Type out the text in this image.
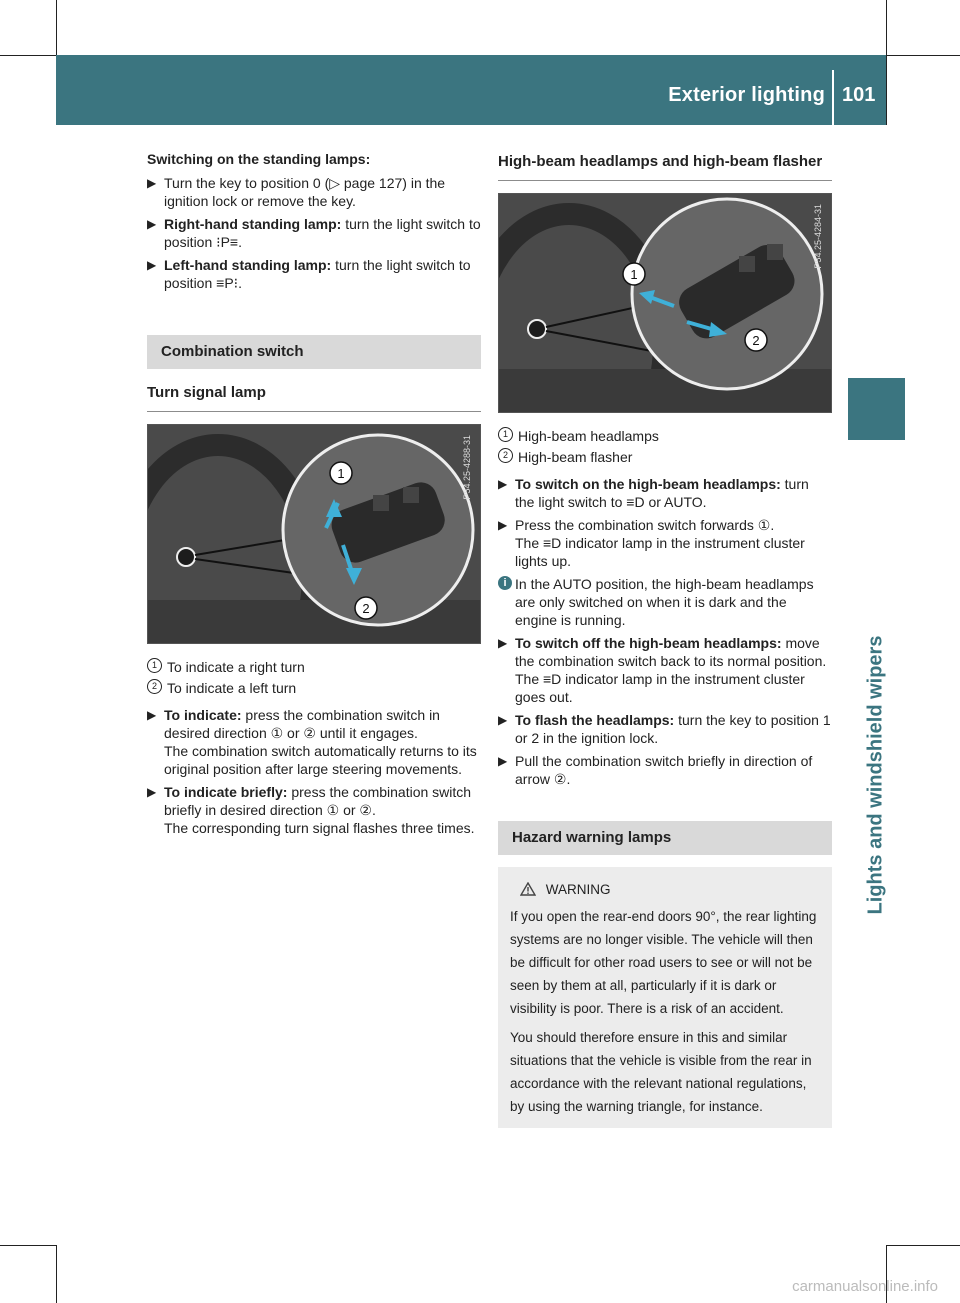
Exterior lighting 101
Lights and windshield wipers

Switching on the standing lamps:

▶ Turn the key to position 0 (▷ page 127) in the ignition lock or remove the key.
▶ Right-hand standing lamp: turn the light switch to position ⁝P≡.
▶ Left-hand standing lamp: turn the light switch to position ≡P⁝.

Combination switch

Turn signal lamp

1
2
P54.25-4288-31
1 To indicate a right turn
2 To indicate a left turn
▶ To indicate: press the combination switch in desired direction ① or ② until it engages.
The combination switch automatically returns to its original position after large steering movements.
▶ To indicate briefly: press the combination switch briefly in desired direction ① or ②.
The corresponding turn signal flashes three times.

High-beam headlamps and high-beam flasher

1
2
P54.25-4284-31
1 High-beam headlamps
2 High-beam flasher
▶ To switch on the high-beam headlamps: turn the light switch to ≡D or AUTO.
▶ Press the combination switch forwards ①.
The ≡D indicator lamp in the instrument cluster lights up.
i In the AUTO position, the high-beam headlamps are only switched on when it is dark and the engine is running.
▶ To switch off the high-beam headlamps: move the combination switch back to its normal position.
The ≡D indicator lamp in the instrument cluster goes out.
▶ To flash the headlamps: turn the key to position 1 or 2 in the ignition lock.
▶ Pull the combination switch briefly in direction of arrow ②.

Hazard warning lamps

WARNING
If you open the rear-end doors 90°, the rear lighting systems are no longer visible. The vehicle will then be difficult for other road users to see or will not be seen by them at all, particularly if it is dark or visibility is poor. There is a risk of an accident.
You should therefore ensure in this and similar situations that the vehicle is visible from the rear in accordance with the relevant national regulations, by using the warning triangle, for instance.
carmanualsonline.info
